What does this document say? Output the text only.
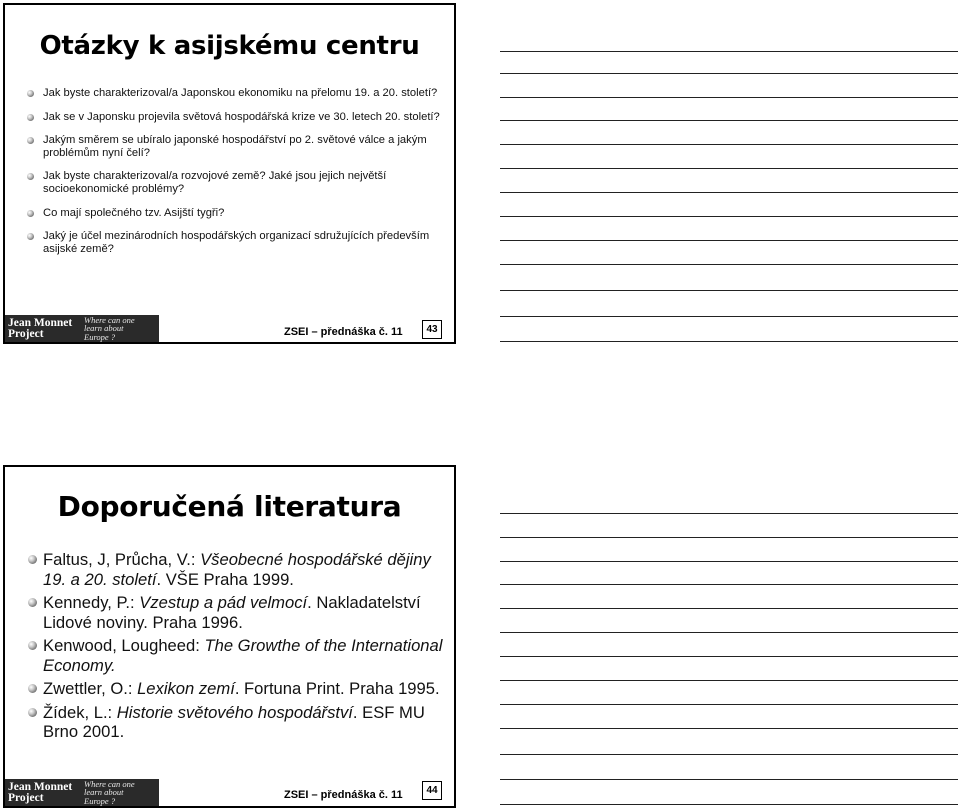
Otázky k asijskému centru
Jak byste charakterizoval/a Japonskou ekonomiku na přelomu 19. a 20. století?
Jak se v Japonsku projevila světová hospodářská krize ve 30. letech 20. století?
Jakým směrem se ubíralo japonské hospodářství po 2. světové válce a jakým problémům nyní čelí?
Jak byste charakterizoval/a rozvojové země? Jaké jsou jejich největší socioekonomické problémy?
Co mají společného tzv. Asijští tygři?
Jaký je účel mezinárodních hospodářských organizací sdružujících především asijské země?
Jean Monnet
Project
Where can one
learn about
Europe ?	ZSEI – přednáška č. 11	43
Doporučená literatura
Faltus, J, Průcha, V.: Všeobecné hospodářské dějiny 19. a 20. století. VŠE Praha 1999.
Kennedy, P.: Vzestup a pád velmocí. Nakladatelství Lidové noviny. Praha 1996.
Kenwood, Lougheed: The Growthe of the International Economy.
Zwettler, O.: Lexikon zemí. Fortuna Print. Praha 1995.
Žídek, L.: Historie světového hospodářství. ESF MU Brno 2001.
Jean Monnet
Project
Where can one
learn about
Europe ?	ZSEI – přednáška č. 11	44
